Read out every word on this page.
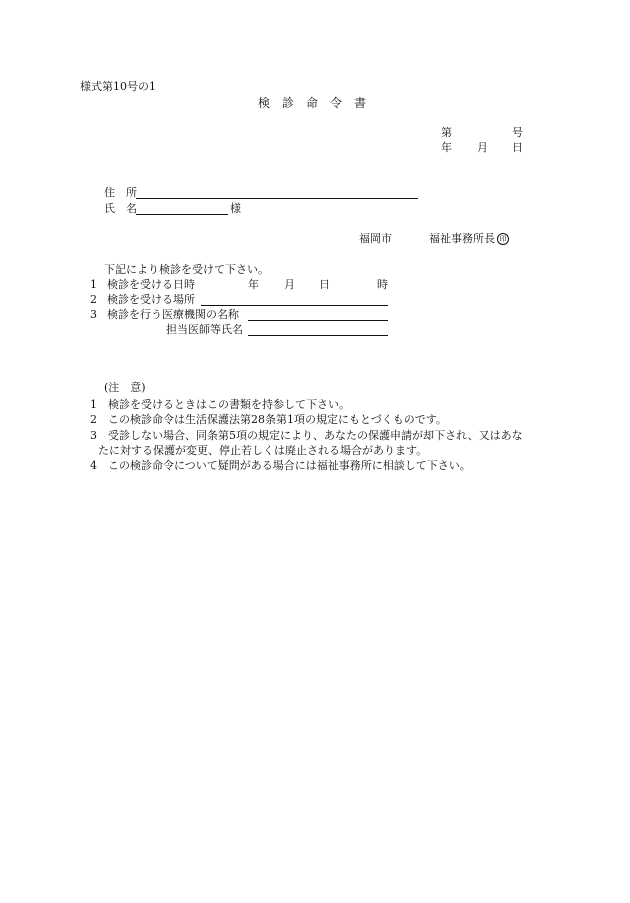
様式第10号の1
検　診　命　令　書
第	号
年 月 日
住　所
氏　名	様
福岡市	福祉事務所長 印
下記により検診を受けて下さい。
1 検診を受ける日時	年 月 日	時
2 検診を受ける場所
3 検診を行う医療機関の名称
担当医師等氏名
(注　意)
1　検診を受けるときはこの書類を持参して下さい。
2　この検診命令は生活保護法第28条第1項の規定にもとづくものです。
3　受診しない場合、同条第5項の規定により、あなたの保護申請が却下され、又はあな
たに対する保護が変更、停止若しくは廃止される場合があります。
4　この検診命令について疑問がある場合には福祉事務所に相談して下さい。
